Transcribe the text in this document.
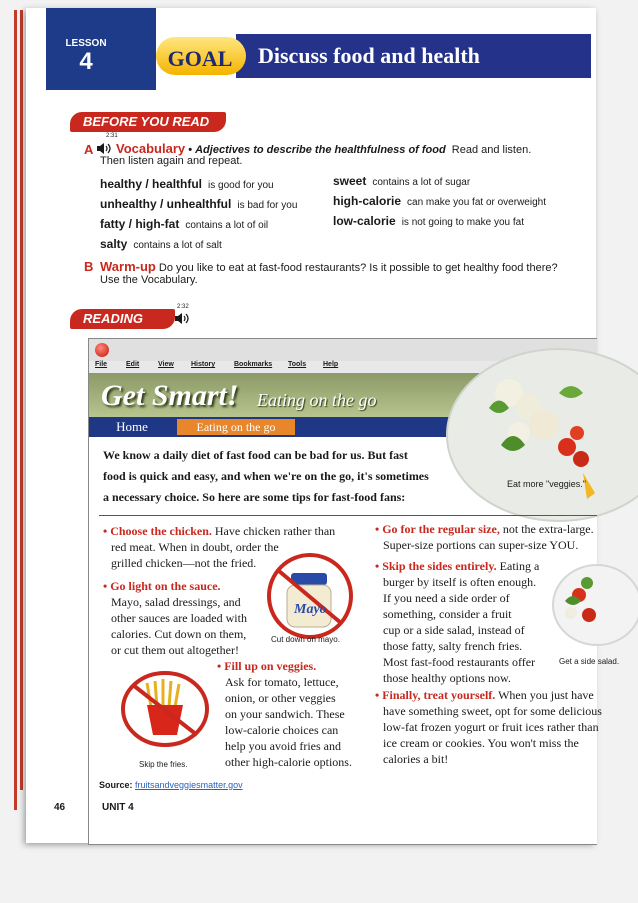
LESSON
4	GOAL	Discuss food and health
BEFORE YOU READ
2:31
A Vocabulary • Adjectives to describe the healthfulness of food Read and listen.
Then listen again and repeat.
healthy / healthful is good for you
unhealthy / unhealthful is bad for you
fatty / high-fat contains a lot of oil
salty contains a lot of salt
sweet contains a lot of sugar
high-calorie can make you fat or overweight
low-calorie is not going to make you fat
B Warm-up Do you like to eat at fast-food restaurants? Is it possible to get healthy food there?
Use the Vocabulary.
READING
2:32
File	Edit	View History	Bookmarks Tools Help
Get Smart! Eating on the go
Home	Eating on the go
Eat more "veggies."
We know a daily diet of fast food can be bad for us. But fast
food is quick and easy, and when we're on the go, it's sometimes
a necessary choice. So here are some tips for fast-food fans:
• Choose the chicken. Have chicken rather than
red meat. When in doubt, order the
grilled chicken—not the fried.
• Go light on the sauce.
Mayo, salad dressings, and
other sauces are loaded with
calories. Cut down on them,
or cut them out altogether!
Mayo
Cut down on mayo.
• Fill up on veggies.
Ask for tomato, lettuce,
onion, or other veggies
on your sandwich. These
low-calorie choices can
help you avoid fries and
other high-calorie options.
Skip the fries.
• Go for the regular size, not the extra-large.
Super-size portions can super-size YOU.
• Skip the sides entirely. Eating a
burger by itself is often enough.
If you need a side order of
something, consider a fruit
cup or a side salad, instead of
those fatty, salty french fries.
Most fast-food restaurants offer
those healthy options now.
Get a side salad.
• Finally, treat yourself. When you just have
have something sweet, opt for some delicious
low-fat frozen yogurt or fruit ices rather than
ice cream or cookies. You won't miss the
calories a bit!
Source: fruitsandveggiesmatter.gov
46	UNIT 4
